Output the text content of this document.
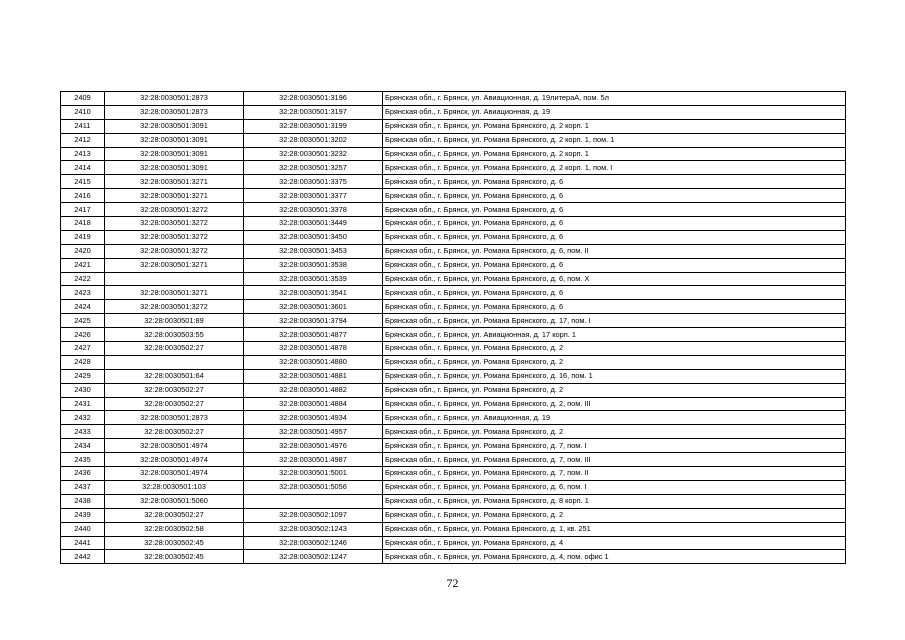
2409	32:28:0030501:2873	32:28:0030501:3196	Брянская обл., г. Брянск, ул. Авиационная, д. 19литераА, пом. 5л
2410	32:28:0030501:2873	32:28:0030501:3197	Брянская обл., г. Брянск, ул. Авиационная, д. 19
2411	32:28:0030501:3091	32:28:0030501:3199	Брянская обл., г. Брянск, ул. Романа Брянского, д. 2 корп. 1
2412	32:28:0030501:3091	32:28:0030501:3202	Брянская обл., г. Брянск, ул. Романа Брянского, д. 2 корп. 1, пом. 1
2413	32:28:0030501:3091	32:28:0030501:3232	Брянская обл., г. Брянск, ул. Романа Брянского, д. 2 корп. 1
2414	32:28:0030501:3091	32:28:0030501:3257	Брянская обл., г. Брянск, ул. Романа Брянского, д. 2 корп. 1, пом. I
2415	32:28:0030501:3271	32:28:0030501:3375	Брянская обл., г. Брянск, ул. Романа Брянского, д. 6
2416	32:28:0030501:3271	32:28:0030501:3377	Брянская обл., г. Брянск, ул. Романа Брянского, д. 6
2417	32:28:0030501:3272	32:28:0030501:3378	Брянская обл., г. Брянск, ул. Романа Брянского, д. 6
2418	32:28:0030501:3272	32:28:0030501:3449	Брянская обл., г. Брянск, ул. Романа Брянского, д. 6
2419	32:28:0030501:3272	32:28:0030501:3450	Брянская обл., г. Брянск, ул. Романа Брянского, д. 6
2420	32:28:0030501:3272	32:28:0030501:3453	Брянская обл., г. Брянск, ул. Романа Брянского, д. 6, пом. II
2421	32:28:0030501:3271	32:28:0030501:3538	Брянская обл., г. Брянск, ул. Романа Брянского, д. 6
2422		32:28:0030501:3539	Брянская обл., г. Брянск, ул. Романа Брянского, д. 6, пом. X
2423	32:28:0030501:3271	32:28:0030501:3541	Брянская обл., г. Брянск, ул. Романа Брянского, д. 6
2424	32:28:0030501:3272	32:28:0030501:3601	Брянская обл., г. Брянск, ул. Романа Брянского, д. 6
2425	32:28:0030501:89	32:28:0030501:3794	Брянская обл., г. Брянск, ул. Романа Брянского, д. 17, пом. I
2426	32:28:0030503:55	32:28:0030501:4877	Брянская обл., г. Брянск, ул. Авиационная, д. 17 корп. 1
2427	32:28:0030502:27	32:28:0030501:4878	Брянская обл., г. Брянск, ул. Романа Брянского, д. 2
2428		32:28:0030501:4880	Брянская обл., г. Брянск, ул. Романа Брянского, д. 2
2429	32:28:0030501:64	32:28:0030501:4881	Брянская обл., г. Брянск, ул. Романа Брянского, д. 16, пом. 1
2430	32:28:0030502:27	32:28:0030501:4882	Брянская обл., г. Брянск, ул. Романа Брянского, д. 2
2431	32:28:0030502:27	32:28:0030501:4884	Брянская обл., г. Брянск, ул. Романа Брянского, д. 2, пом. III
2432	32:28:0030501:2873	32:28:0030501:4934	Брянская обл., г. Брянск, ул. Авиационная, д. 19
2433	32:28:0030502:27	32:28:0030501:4957	Брянская обл., г. Брянск, ул. Романа Брянского, д. 2
2434	32:28:0030501:4974	32:28:0030501:4976	Брянская обл., г. Брянск, ул. Романа Брянского, д. 7, пом. I
2435	32:28:0030501:4974	32:28:0030501:4987	Брянская обл., г. Брянск, ул. Романа Брянского, д. 7, пом. III
2436	32:28:0030501:4974	32:28:0030501:5001	Брянская обл., г. Брянск, ул. Романа Брянского, д. 7, пом. II
2437	32:28:0030501:103	32:28:0030501:5056	Брянская обл., г. Брянск, ул. Романа Брянского, д. 6, пом. I
2438	32:28:0030501:5060		Брянская обл., г. Брянск, ул. Романа Брянского, д. 8 корп. 1
2439	32:28:0030502:27	32:28:0030502:1097	Брянская обл., г. Брянск, ул. Романа Брянского, д. 2
2440	32:28:0030502:58	32:28:0030502:1243	Брянская обл., г. Брянск, ул. Романа Брянского, д. 1, кв. 251
2441	32:28:0030502:45	32:28:0030502:1246	Брянская обл., г. Брянск, ул. Романа Брянского, д. 4
2442	32:28:0030502:45	32:28:0030502:1247	Брянская обл., г. Брянск, ул. Романа Брянского, д. 4, пом. офис 1
72
